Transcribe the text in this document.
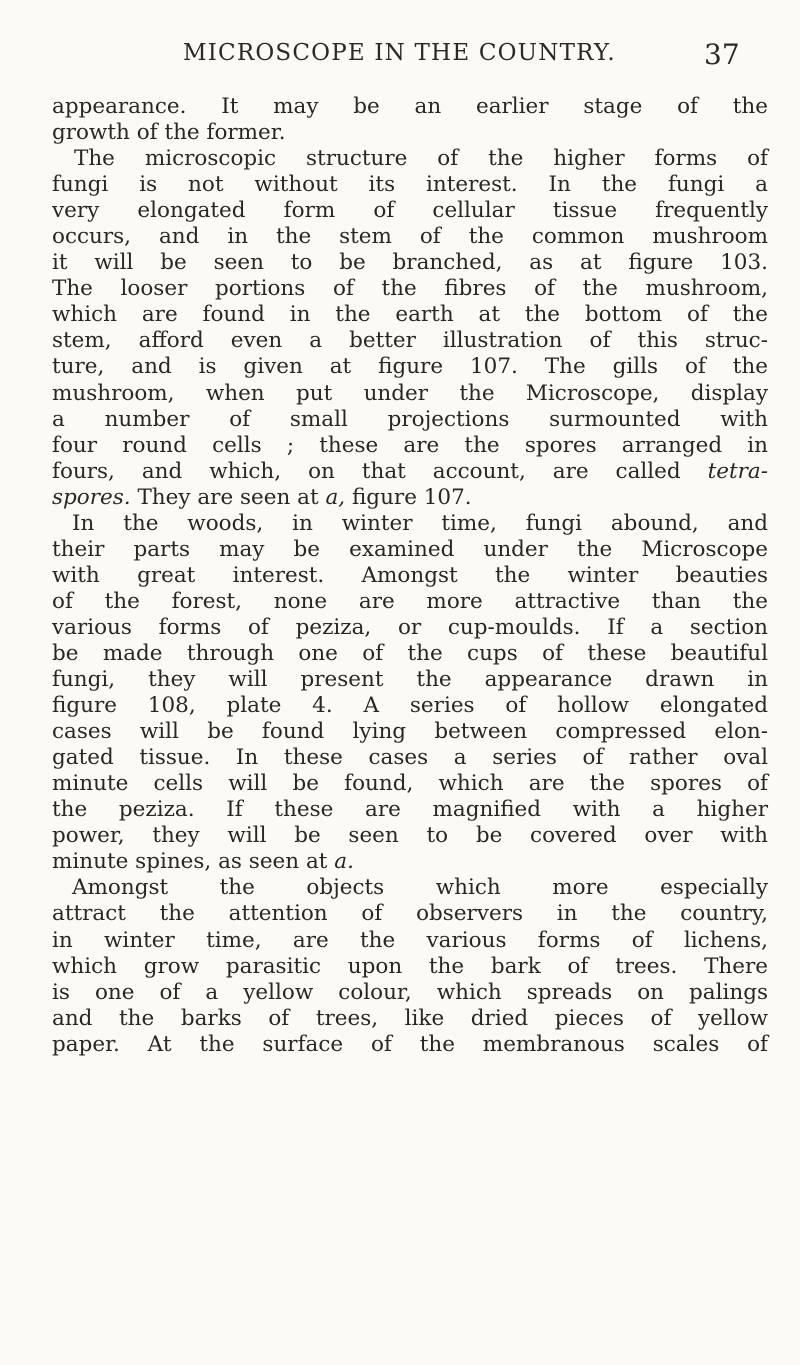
MICROSCOPE IN THE COUNTRY.	37
appearance. It may be an earlier stage of the
growth of the former.
The microscopic structure of the higher forms of
fungi is not without its interest. In the fungi a
very elongated form of cellular tissue frequently
occurs, and in the stem of the common mushroom
it will be seen to be branched, as at figure 103.
The looser portions of the fibres of the mushroom,
which are found in the earth at the bottom of the
stem, afford even a better illustration of this struc-
ture, and is given at figure 107. The gills of the
mushroom, when put under the Microscope, display
a number of small projections surmounted with
four round cells ; these are the spores arranged in
fours, and which, on that account, are called tetra-
spores. They are seen at a, figure 107.
In the woods, in winter time, fungi abound, and
their parts may be examined under the Microscope
with great interest. Amongst the winter beauties
of the forest, none are more attractive than the
various forms of peziza, or cup-moulds. If a section
be made through one of the cups of these beautiful
fungi, they will present the appearance drawn in
figure 108, plate 4. A series of hollow elongated
cases will be found lying between compressed elon-
gated tissue. In these cases a series of rather oval
minute cells will be found, which are the spores of
the peziza. If these are magnified with a higher
power, they will be seen to be covered over with
minute spines, as seen at a.
Amongst the objects which more especially
attract the attention of observers in the country,
in winter time, are the various forms of lichens,
which grow parasitic upon the bark of trees. There
is one of a yellow colour, which spreads on palings
and the barks of trees, like dried pieces of yellow
paper. At the surface of the membranous scales of
